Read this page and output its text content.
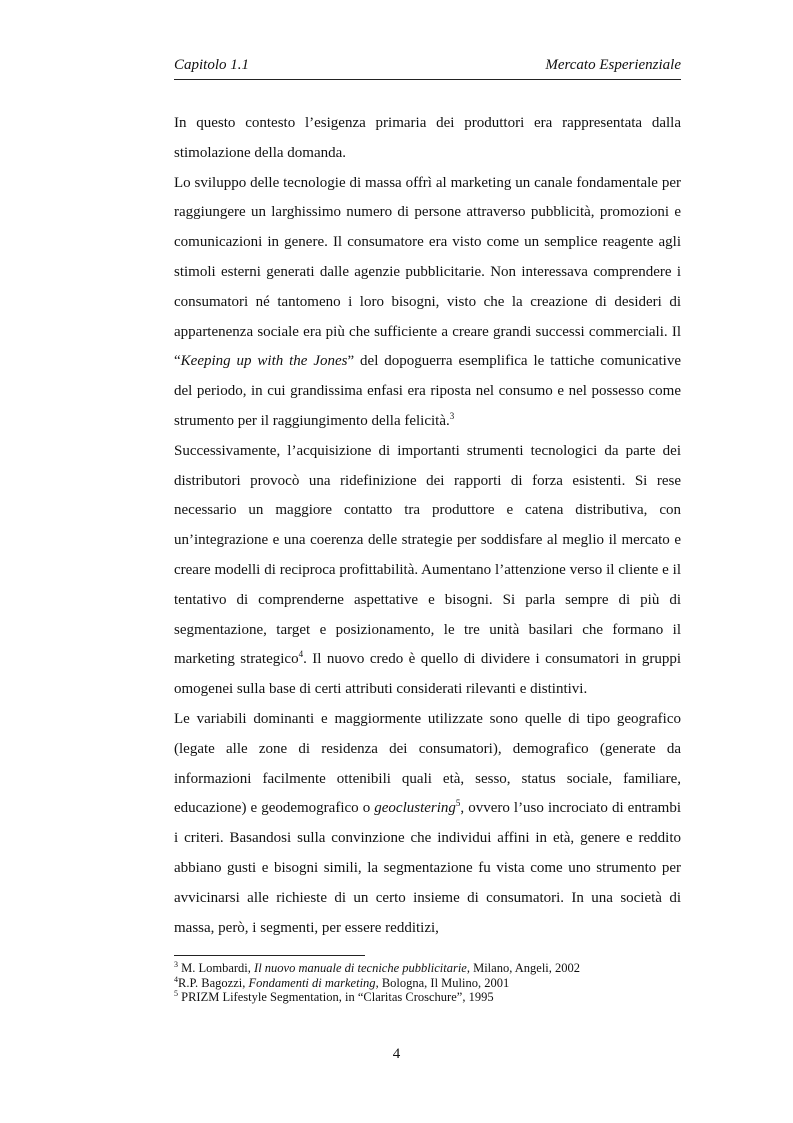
Capitolo 1.1	Mercato Esperienziale

In questo contesto l’esigenza primaria dei produttori era rappresentata dalla stimolazione della domanda.

Lo sviluppo delle tecnologie di massa offrì al marketing un canale fondamentale per raggiungere un larghissimo numero di persone attraverso pubblicità, promozioni e comunicazioni in genere. Il consumatore era visto come un semplice reagente agli stimoli esterni generati dalle agenzie pubblicitarie. Non interessava comprendere i consumatori né tantomeno i loro bisogni, visto che la creazione di desideri di appartenenza sociale era più che sufficiente a creare grandi successi commerciali. Il “Keeping up with the Jones” del dopoguerra esemplifica le tattiche comunicative del periodo, in cui grandissima enfasi era riposta nel consumo e nel possesso come strumento per il raggiungimento della felicità.$^3$

Successivamente, l’acquisizione di importanti strumenti tecnologici da parte dei distributori provocò una ridefinizione dei rapporti di forza esistenti. Si rese necessario un maggiore contatto tra produttore e catena distributiva, con un’integrazione e una coerenza delle strategie per soddisfare al meglio il mercato e creare modelli di reciproca profittabilità. Aumentano l’attenzione verso il cliente e il tentativo di comprenderne aspettative e bisogni. Si parla sempre di più di segmentazione, target e posizionamento, le tre unità basilari che formano il marketing strategico$^4$. Il nuovo credo è quello di dividere i consumatori in gruppi omogenei sulla base di certi attributi considerati rilevanti e distintivi.

Le variabili dominanti e maggiormente utilizzate sono quelle di tipo geografico (legate alle zone di residenza dei consumatori), demografico (generate da informazioni facilmente ottenibili quali età, sesso, status sociale, familiare, educazione) e geodemografico o geoclustering$^5$, ovvero l’uso incrociato di entrambi i criteri. Basandosi sulla convinzione che individui affini in età, genere e reddito abbiano gusti e bisogni simili, la segmentazione fu vista come uno strumento per avvicinarsi alle richieste di un certo insieme di consumatori. In una società di massa, però, i segmenti, per essere redditizi,

$^3$ M. Lombardi, Il nuovo manuale di tecniche pubblicitarie, Milano, Angeli, 2002
$^4$R.P. Bagozzi, Fondamenti di marketing, Bologna, Il Mulino, 2001
$^5$ PRIZM Lifestyle Segmentation, in “Claritas Croschure”, 1995
4
